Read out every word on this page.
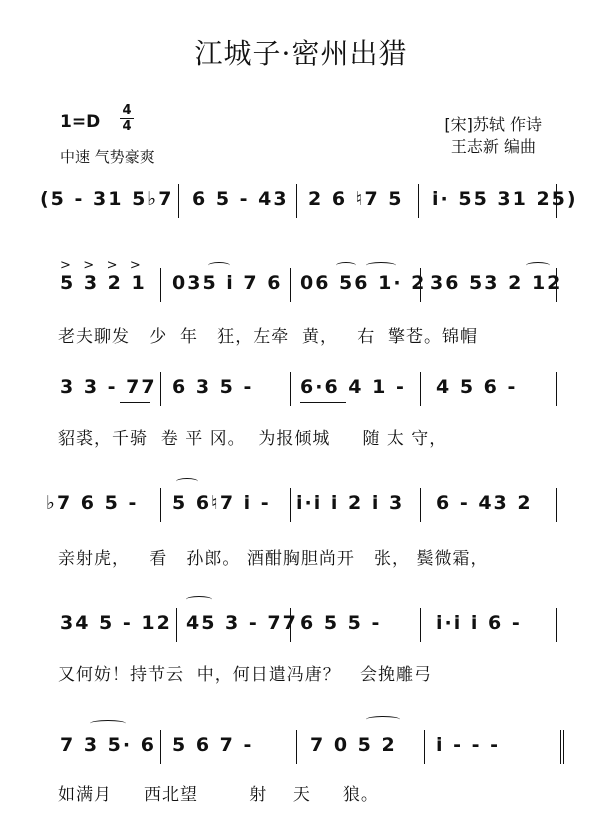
江城子·密州出猎
1=D
4
4
中速 气势豪爽
[宋]苏轼 作诗
王志新 编曲
(5 - 31 5♭7 6 5 - 43 2 6 ♮7 5 i· 55 31 25)
>   >   >   >
5 3 2 1 035 i 7 6 06 56 1· 2 36 53 2 12
老夫聊发   少  年   狂，左牵  黄，   右  擎苍。锦帽
3 3 - 77 6 3 5 - 6·6 4 1 - 4 5 6 -
貂裘，千骑  卷 平 冈。  为报倾城     随 太 守，
♭7 6 5 - 5 6♮7 i - i·i i 2 i 3 6 - 43 2
亲射虎，   看   孙郎。 酒酣胸胆尚开   张， 鬓微霜，
34 5 - 12 45 3 - 77 6 5 5 -	i·i i 6 -
又何妨！持节云  中，何日遣冯唐？   会挽雕弓
7 3 5· 6 5 6 7 -	7 0 5 2 i - - -
如满月     西北望        射    天     狼。
